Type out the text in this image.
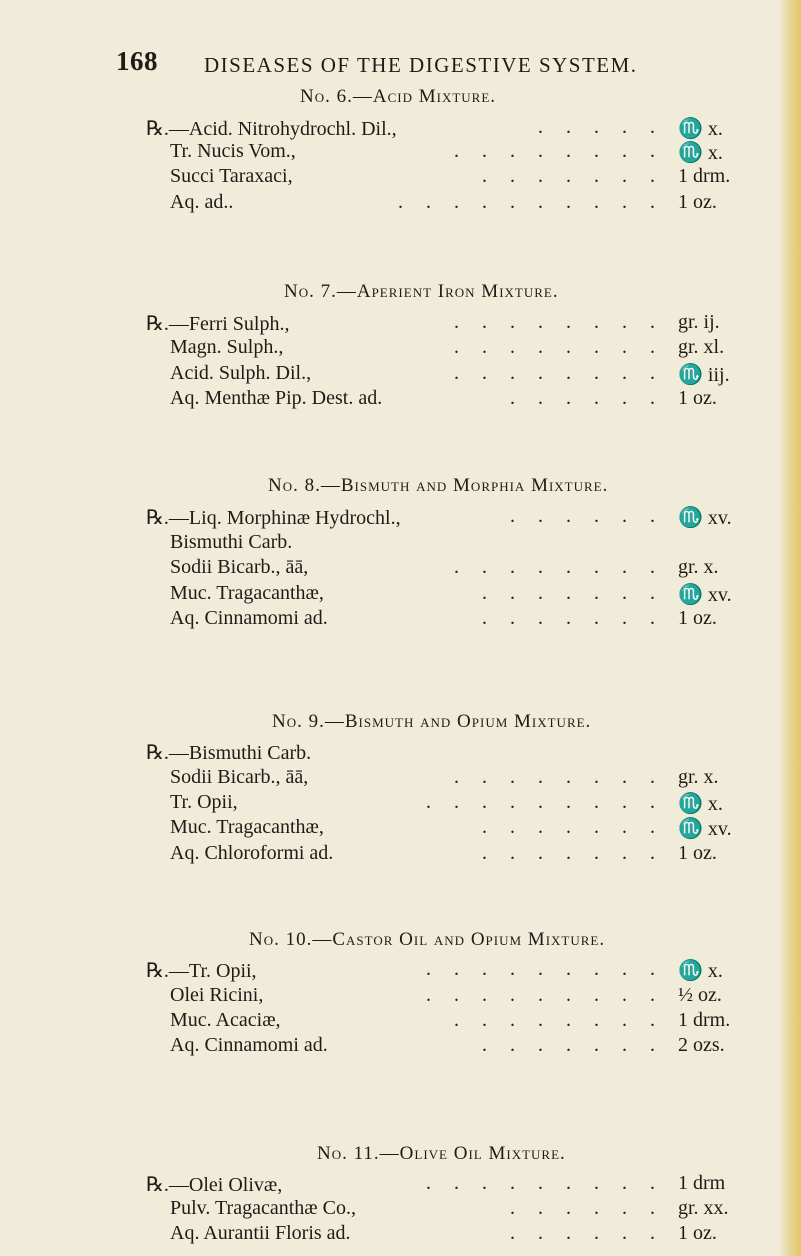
168 DISEASES OF THE DIGESTIVE SYSTEM.
No. 6.—Acid Mixture.
℞.—Acid. Nitrohydrochl. Dil.,	. . . . . ♏ x.
Tr. Nucis Vom.,	. . . . . . . . ♏ x.
Succi Taraxaci,	. . . . . . . 1 drm.
Aq. ad..	. . . . . . . . . . 1 oz.
No. 7.—Aperient Iron Mixture.
℞.—Ferri Sulph.,	. . . . . . . . gr. ij.
Magn. Sulph.,	. . . . . . . . gr. xl.
Acid. Sulph. Dil.,	. . . . . . . . ♏ iij.
Aq. Menthæ Pip. Dest. ad.	. . . . . . 1 oz.
No. 8.—Bismuth and Morphia Mixture.
℞.—Liq. Morphinæ Hydrochl.,	. . . . . . ♏ xv.
Bismuthi Carb.
Sodii Bicarb., āā,	. . . . . . . . gr. x.
Muc. Tragacanthæ,	. . . . . . . ♏ xv.
Aq. Cinnamomi ad.	. . . . . . . 1 oz.
No. 9.—Bismuth and Opium Mixture.
℞.—Bismuthi Carb.
Sodii Bicarb., āā,	. . . . . . . . gr. x.
Tr. Opii,	. . . . . . . . . ♏ x.
Muc. Tragacanthæ,	. . . . . . . ♏ xv.
Aq. Chloroformi ad.	. . . . . . . 1 oz.
No. 10.—Castor Oil and Opium Mixture.
℞.—Tr. Opii,	. . . . . . . . . ♏ x.
Olei Ricini,	. . . . . . . . . ½ oz.
Muc. Acaciæ,	. . . . . . . . 1 drm.
Aq. Cinnamomi ad.	. . . . . . . 2 ozs.
No. 11.—Olive Oil Mixture.
℞.—Olei Olivæ,	. . . . . . . . . 1 drm
Pulv. Tragacanthæ Co.,	. . . . . . gr. xx.
Aq. Aurantii Floris ad.	. . . . . . 1 oz.
